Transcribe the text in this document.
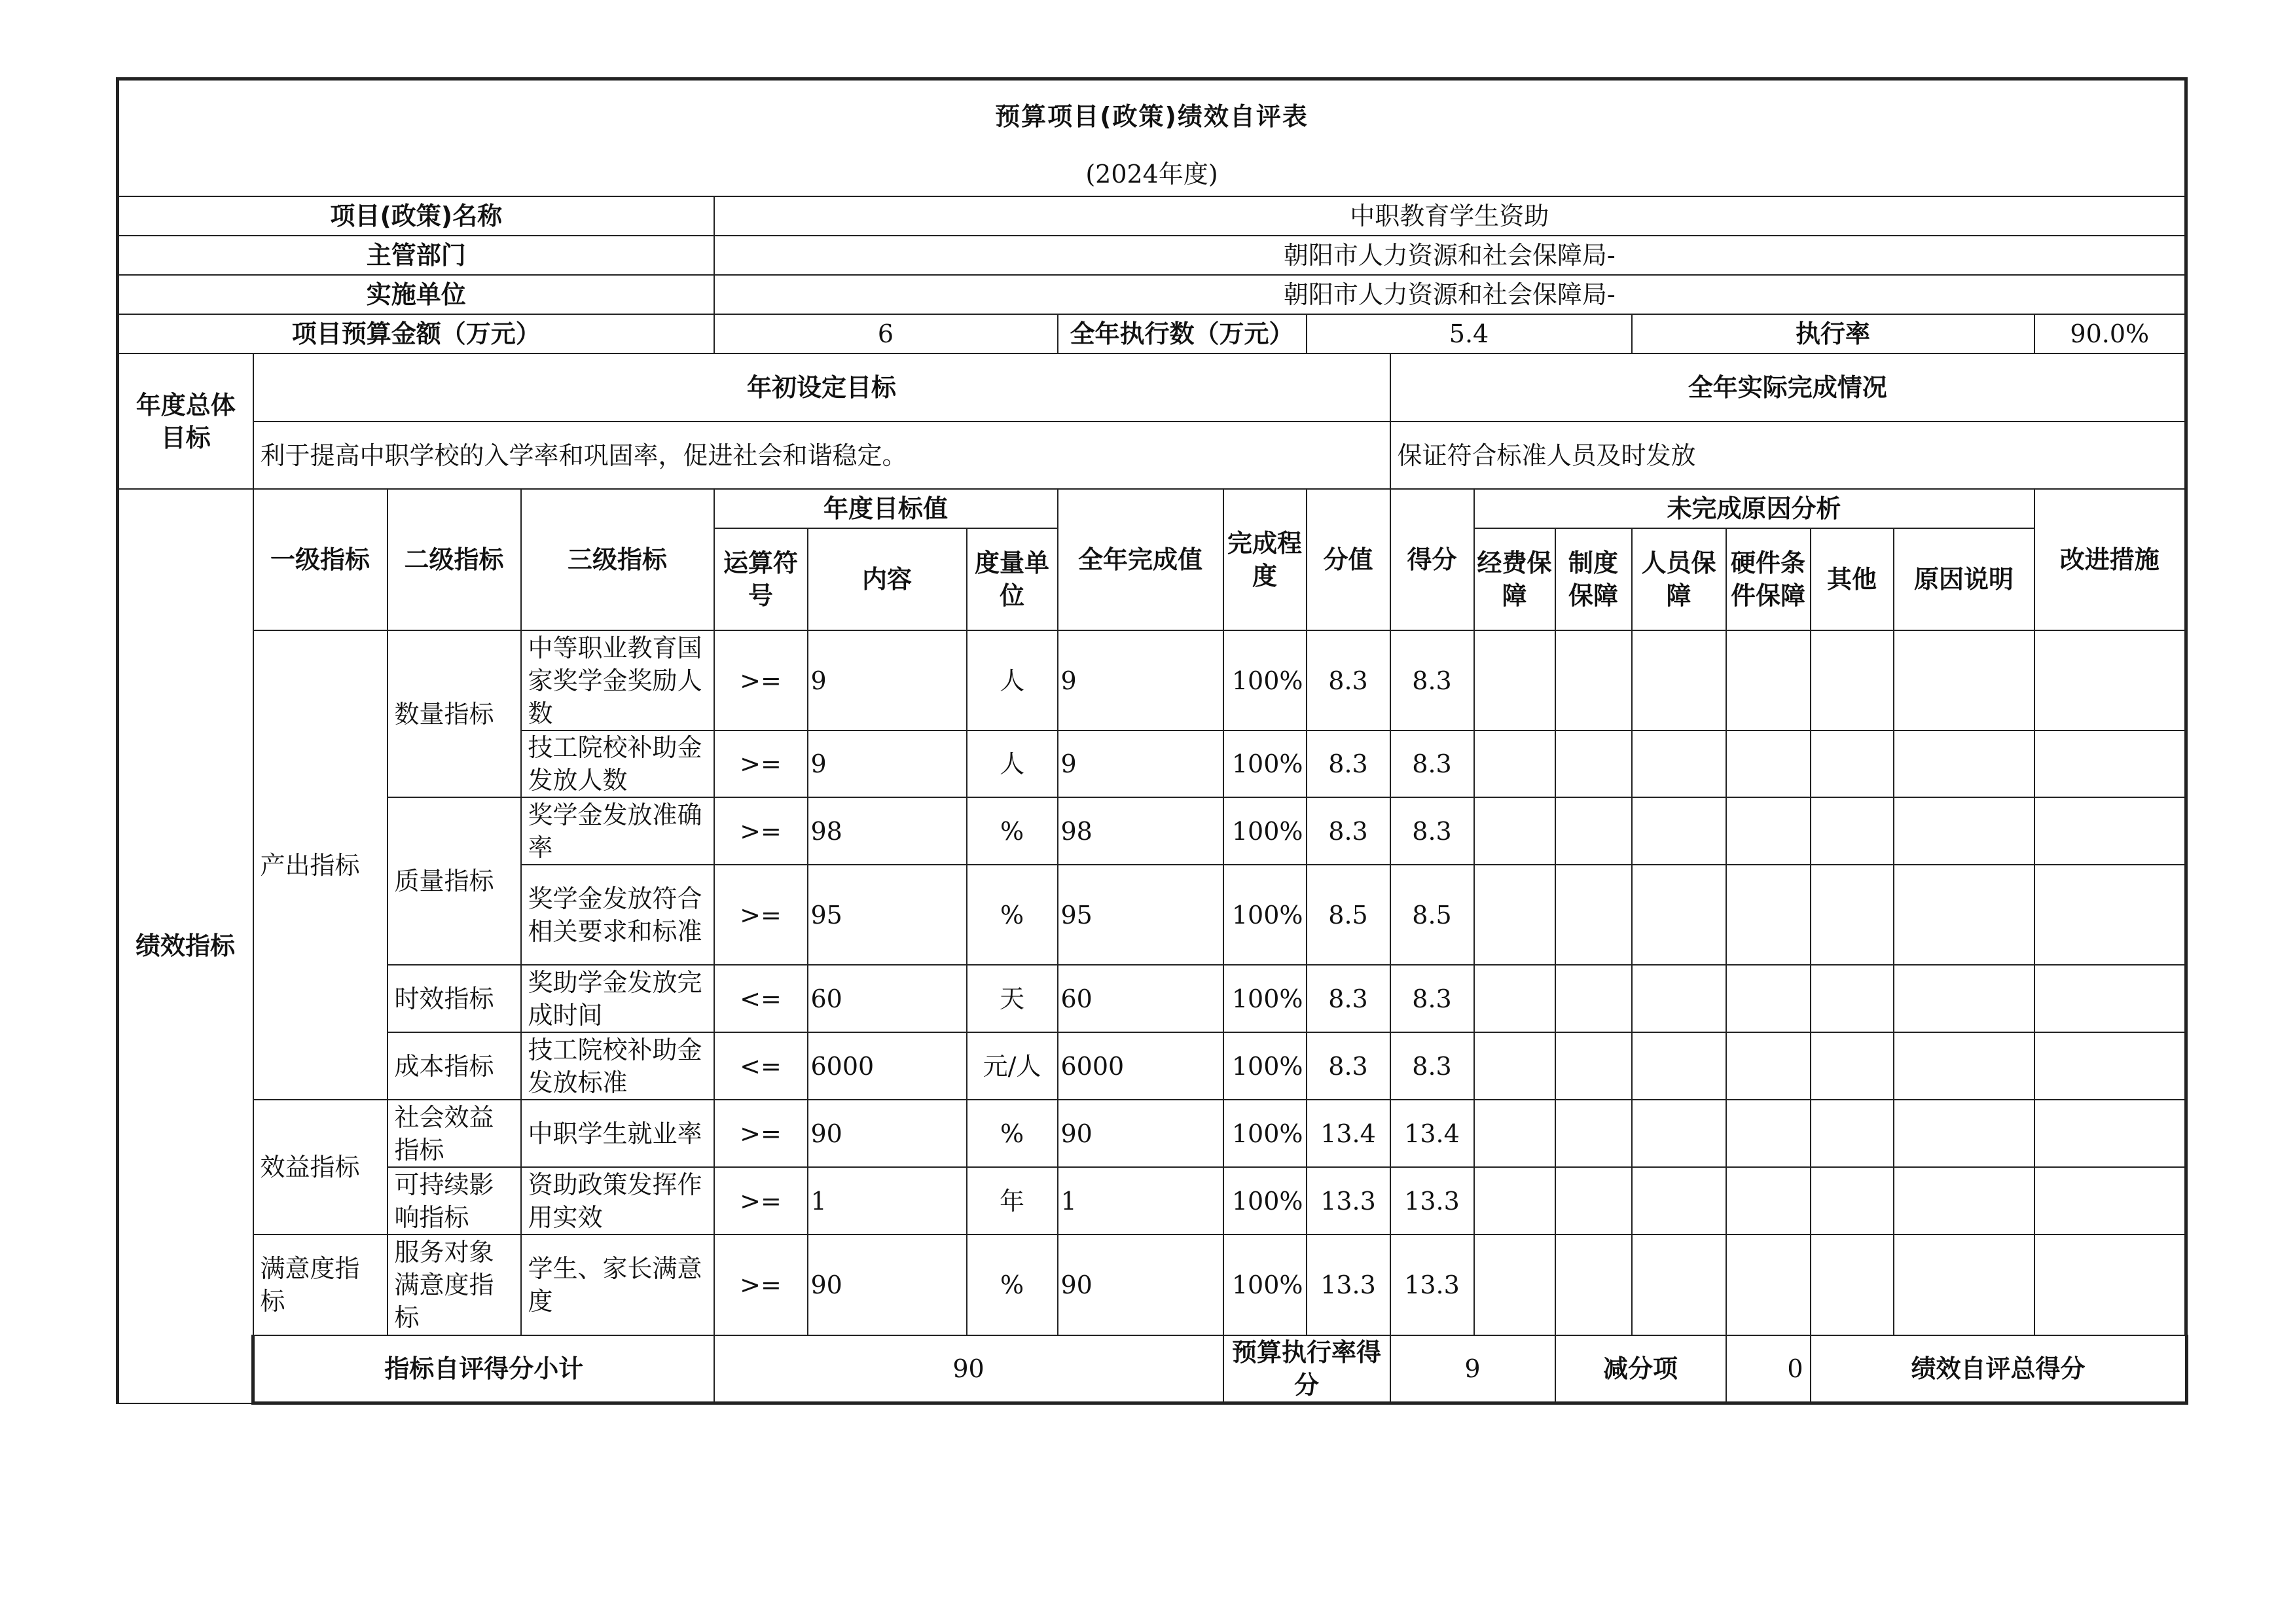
预算项目(政策)绩效自评表																		
(2024年度)																		
项目(政策)名称				中职教育学生资助														
主管部门				朝阳市人力资源和社会保障局-														
实施单位				朝阳市人力资源和社会保障局-														
项目预算金额（万元）				6			全年执行数（万元）		5.4				执行率				90.0%	
年度总体目标	年初设定目标									全年实际完成情况								
	利于提高中职学校的入学率和巩固率，促进社会和谐稳定。									保证符合标准人员及时发放								
绩效指标	一级指标	二级指标	三级指标	年度目标值			全年完成值	完成程度	分值	得分	未完成原因分析						改进措施	
				运算符号	内容	度量单位					经费保障	制度保障	人员保障	硬件条件保障	其他	原因说明		
	产出指标	数量指标	中等职业教育国家奖学金奖励人数	>=	9	人	9	100%	8.3	8.3								
			技工院校补助金发放人数	>=	9	人	9	100%	8.3	8.3								
		质量指标	奖学金发放准确率	>=	98	%	98	100%	8.3	8.3								
			奖学金发放符合相关要求和标准	>=	95	%	95	100%	8.5	8.5								
		时效指标	奖助学金发放完成时间	<=	60	天	60	100%	8.3	8.3								
		成本指标	技工院校补助金发放标准	<=	6000	元/人	6000	100%	8.3	8.3								
	效益指标	社会效益指标	中职学生就业率	>=	90	%	90	100%	13.4	13.4								
		可持续影响指标	资助政策发挥作用实效	>=	1	年	1	100%	13.3	13.3								
	满意度指标	服务对象满意度指标	学生、家长满意度	>=	90	%	90	100%	13.3	13.3								
	指标自评得分小计			90				预算执行率得分		9		减分项		0	绩效自评总得分	
